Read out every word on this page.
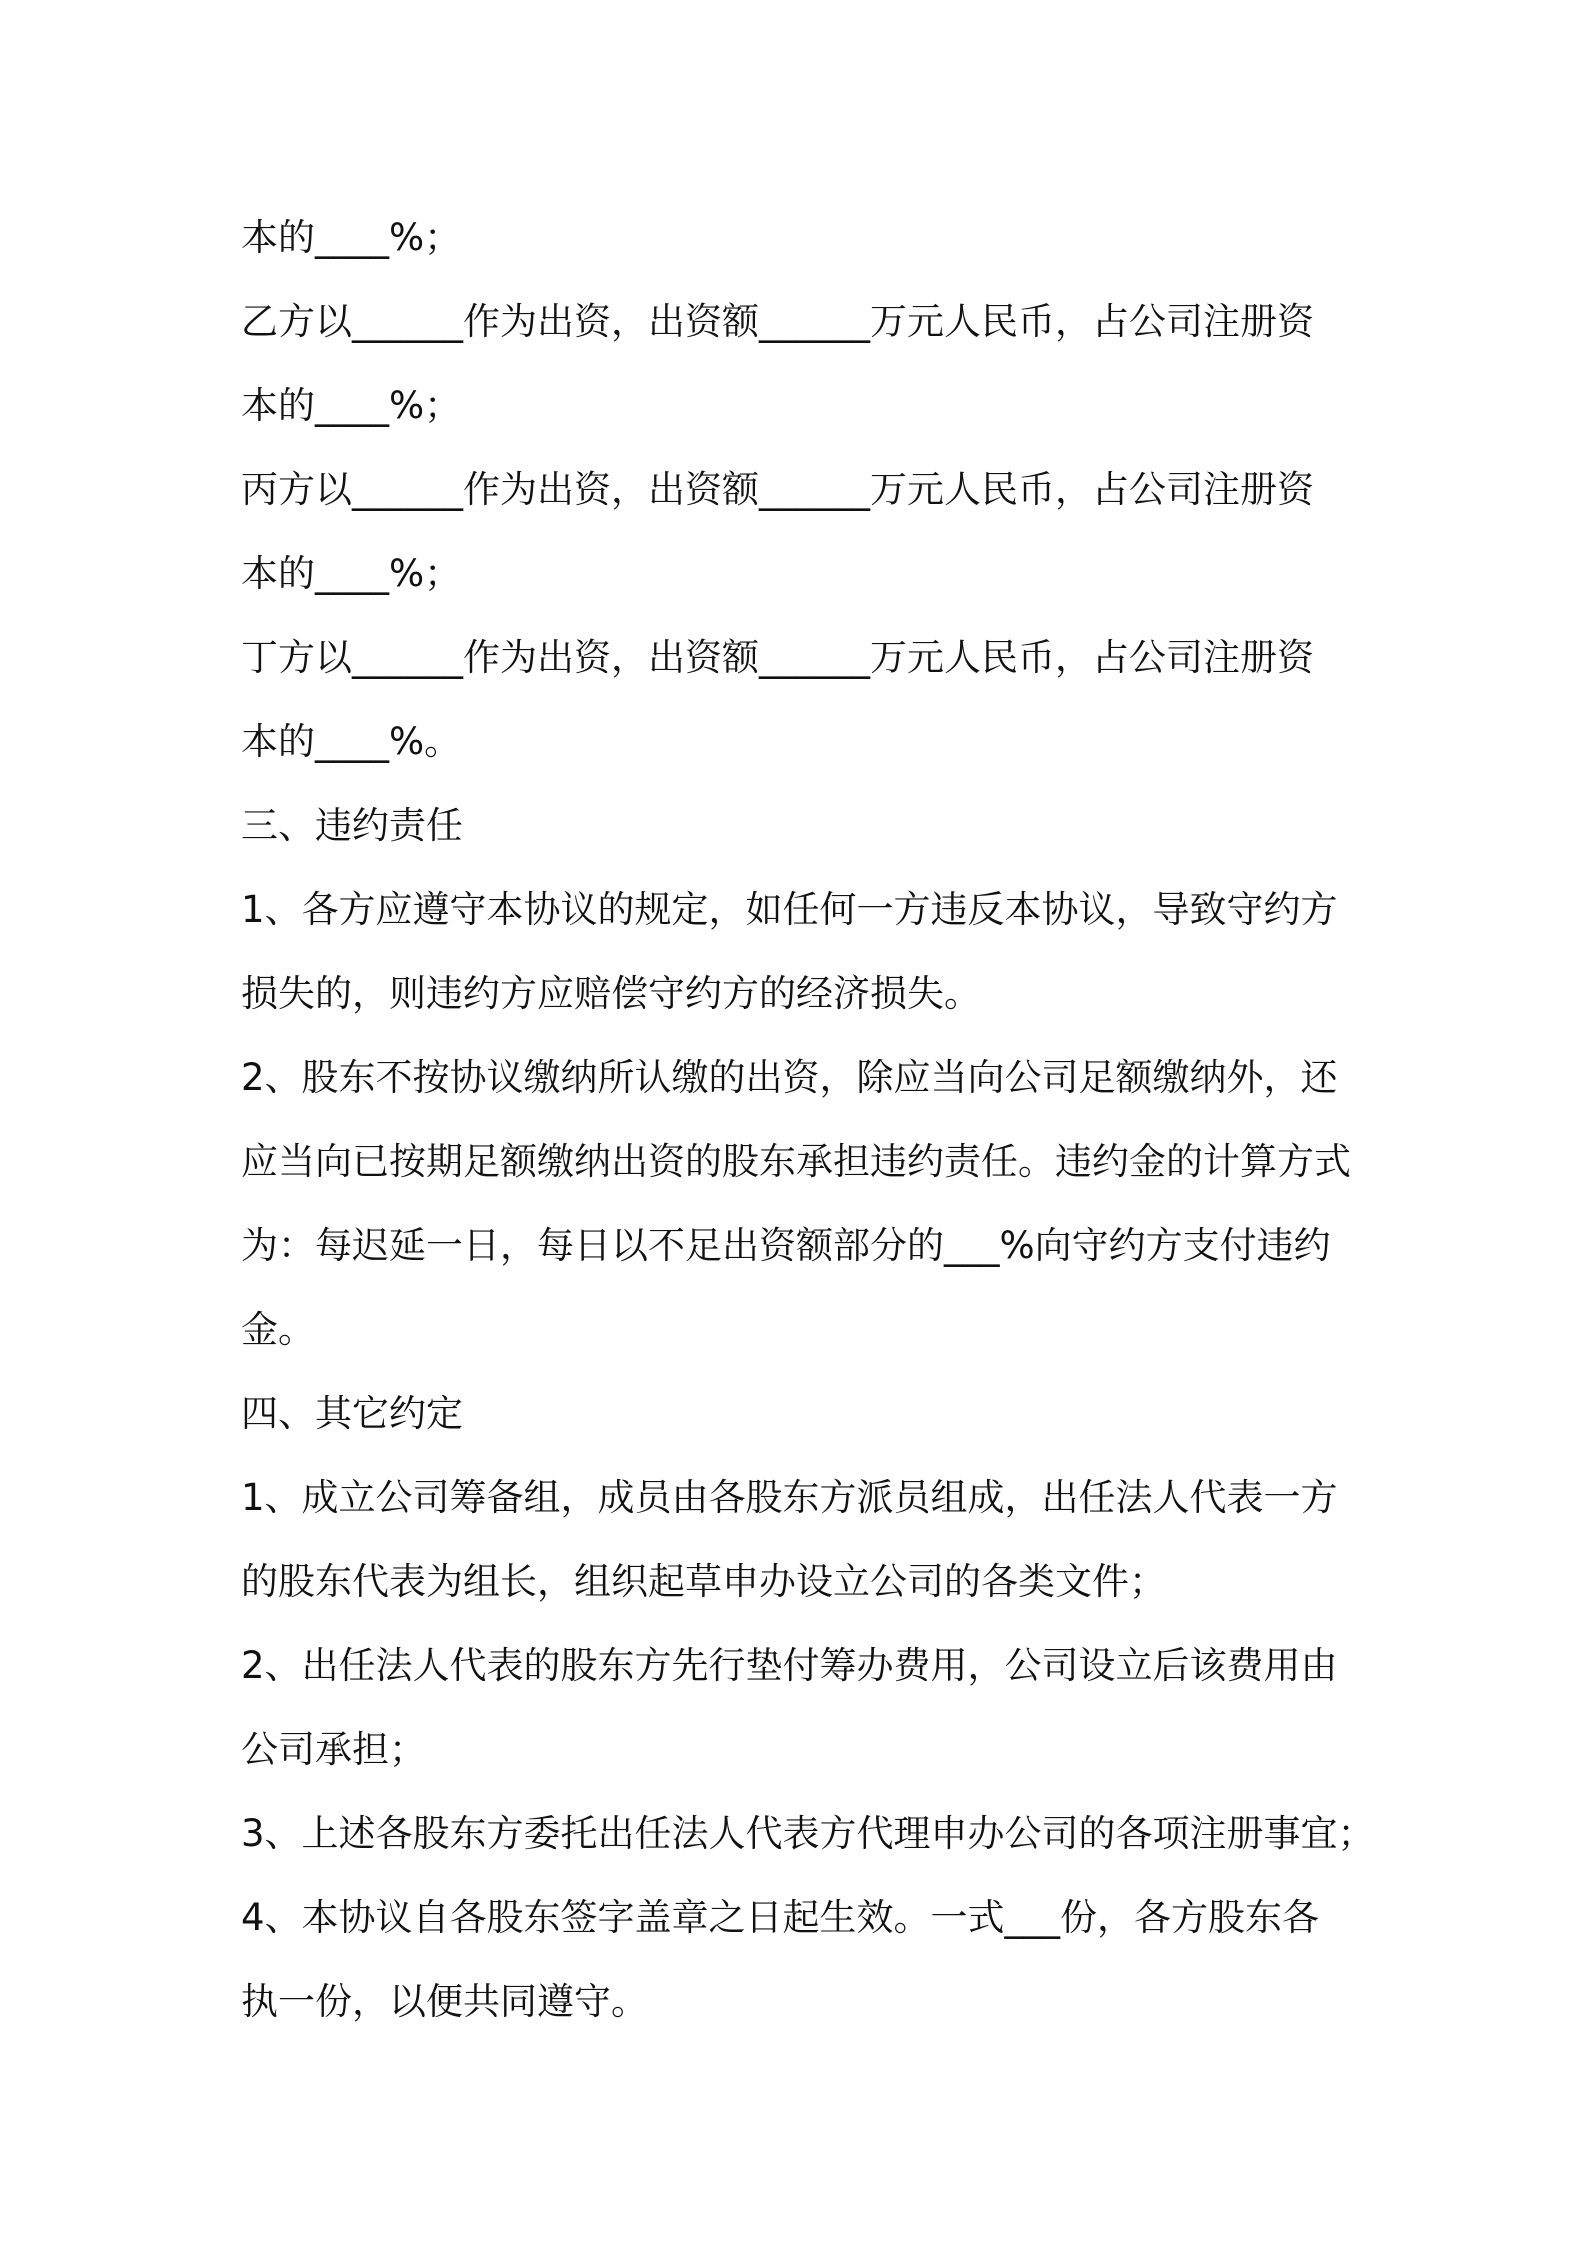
本的____%；
乙方以______作为出资，出资额______万元人民币，占公司注册资
本的____%；
丙方以______作为出资，出资额______万元人民币，占公司注册资
本的____%；
丁方以______作为出资，出资额______万元人民币，占公司注册资
本的____%。
三、违约责任
1、各方应遵守本协议的规定，如任何一方违反本协议，导致守约方
损失的，则违约方应赔偿守约方的经济损失。
2、股东不按协议缴纳所认缴的出资，除应当向公司足额缴纳外，还
应当向已按期足额缴纳出资的股东承担违约责任。违约金的计算方式
为：每迟延一日，每日以不足出资额部分的___%向守约方支付违约
金。
四、其它约定
1、成立公司筹备组，成员由各股东方派员组成，出任法人代表一方
的股东代表为组长，组织起草申办设立公司的各类文件；
2、出任法人代表的股东方先行垫付筹办费用，公司设立后该费用由
公司承担；
3、上述各股东方委托出任法人代表方代理申办公司的各项注册事宜；
4、本协议自各股东签字盖章之日起生效。一式___份，各方股东各
执一份，以便共同遵守。
